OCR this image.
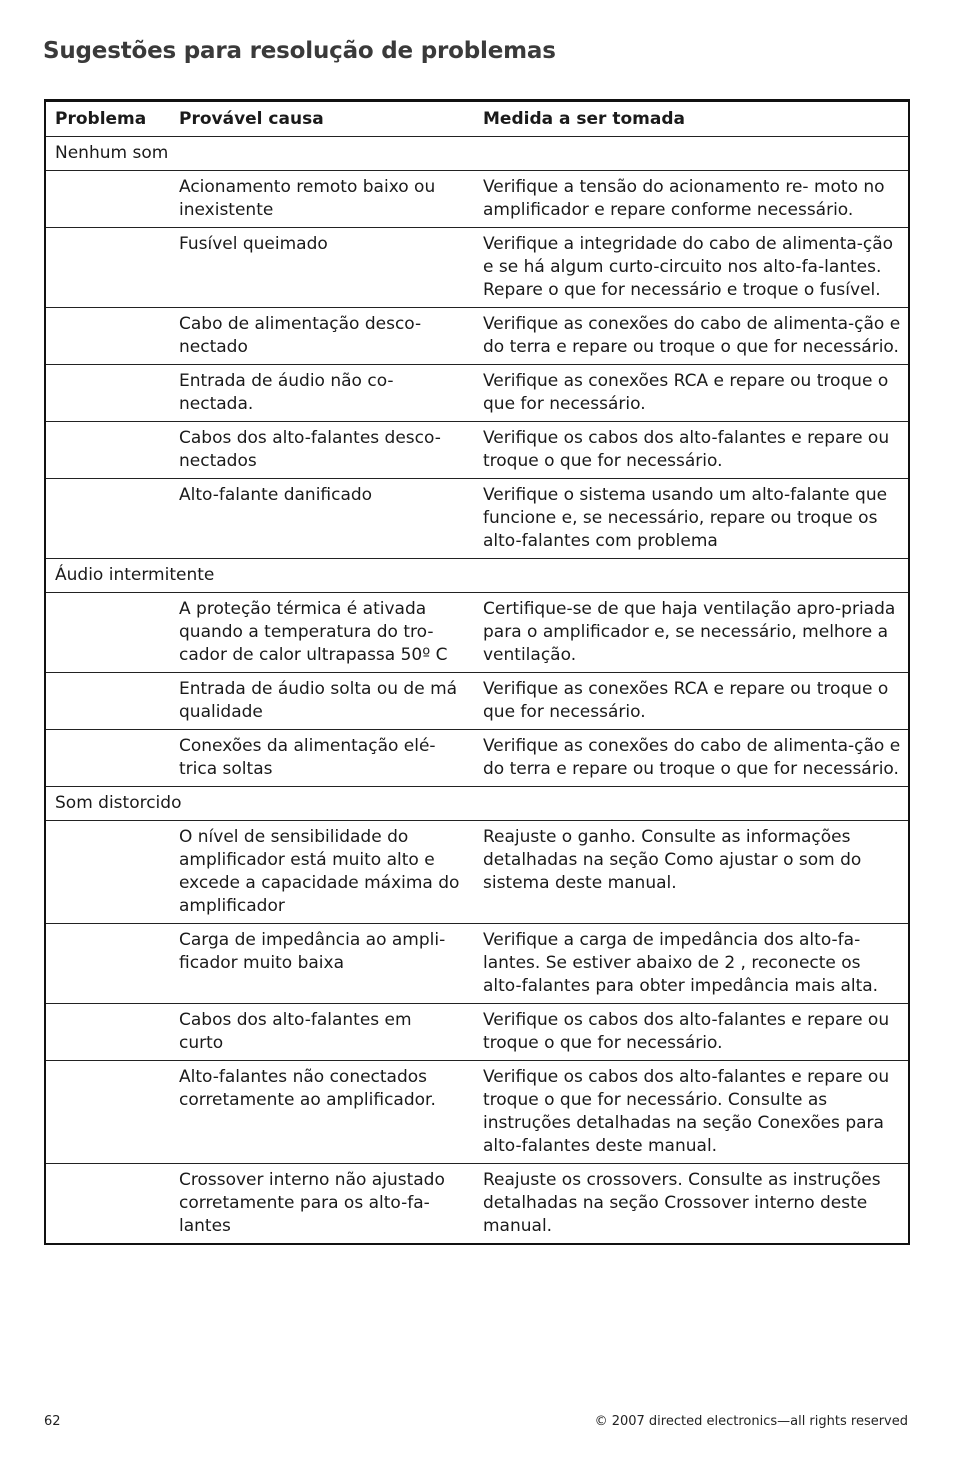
Sugestões para resolução de problemas
Problema	Provável causa	Medida a ser tomada
Nenhum som		
	Acionamento remoto baixo ou inexistente	Verifique a tensão do acionamento re- moto no amplificador e repare conforme necessário.
	Fusível queimado	Verifique a integridade do cabo de alimenta-ção e se há algum curto-circuito nos alto-fa-lantes. Repare o que for necessário e troque o fusível.
	Cabo de alimentação desco-nectado	Verifique as conexões do cabo de alimenta-ção e do terra e repare ou troque o que for necessário.
	Entrada de áudio não co-nectada.	Verifique as conexões RCA e repare ou troque o que for necessário.
	Cabos dos alto-falantes desco-nectados	Verifique os cabos dos alto-falantes e repare ou troque o que for necessário.
	Alto-falante danificado	Verifique o sistema usando um alto-falante que funcione e, se necessário, repare ou troque os alto-falantes com problema
Áudio intermitente		
	A proteção térmica é ativada quando a temperatura do tro-cador de calor ultrapassa 50º C	Certifique-se de que haja ventilação apro-priada para o amplificador e, se necessário, melhore a ventilação.
	Entrada de áudio solta ou de má qualidade	Verifique as conexões RCA e repare ou troque o que for necessário.
	Conexões da alimentação elé-trica soltas	Verifique as conexões do cabo de alimenta-ção e do terra e repare ou troque o que for necessário.
Som distorcido		
	O nível de sensibilidade do amplificador está muito alto e excede a capacidade máxima do amplificador	Reajuste o ganho. Consulte as informações detalhadas na seção Como ajustar o som do sistema deste manual.
	Carga de impedância ao ampli-ficador muito baixa	Verifique a carga de impedância dos alto-fa-lantes. Se estiver abaixo de 2 , reconecte os alto-falantes para obter impedância mais alta.
	Cabos dos alto-falantes em curto	Verifique os cabos dos alto-falantes e repare ou troque o que for necessário.
	Alto-falantes não conectados corretamente ao amplificador.	Verifique os cabos dos alto-falantes e repare ou troque o que for necessário. Consulte as instruções detalhadas na seção Conexões para alto-falantes deste manual.
	Crossover interno não ajustado corretamente para os alto-fa-lantes	Reajuste os crossovers. Consulte as instruções detalhadas na seção Crossover interno deste manual.
62	© 2007 directed electronics—all rights reserved
